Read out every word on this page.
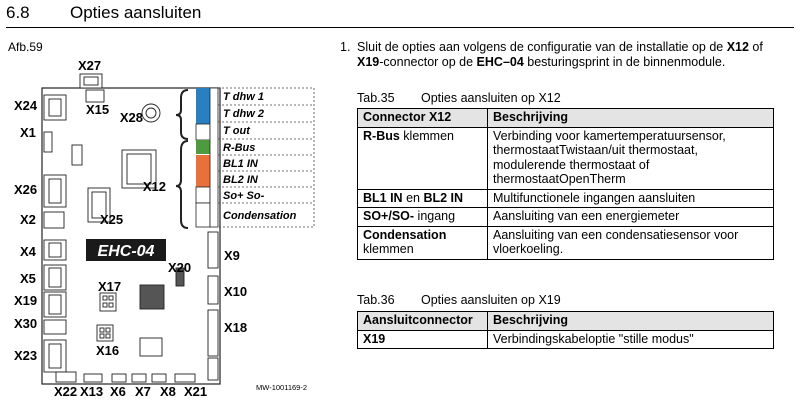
6.8 Opties aansluiten
Afb.59
EHC-04
T dhw 1
T dhw 2
T out
R-Bus
BL1 IN
BL2 IN
So+ So-
Condensation
X27
X15
X24
X1
X28
X26	X12
X2	X25
X4
X5
X19
X30
X23
X20
X17
X16
X9
X10
X18
X22 X13 X6 X7 X8 X21	MW-1001169-2
1. Sluit de opties aan volgens de configuratie van de installatie op de X12 of X19-connector op de EHC–04 besturingsprint in de binnenmodule.
Tab.35 Opties aansluiten op X12
Connector X12	Beschrijving
R-Bus klemmen	Verbinding voor kamertemperatuursensor, thermostaatTwistaan/uit thermostaat, modulerende thermostaat of thermostaatOpenTherm
BL1 IN en BL2 IN	Multifunctionele ingangen aansluiten
SO+/SO- ingang	Aansluiting van een energiemeter
Condensation klemmen	Aansluiting van een condensatiesensor voor vloerkoeling.
Tab.36 Opties aansluiten op X19
Aansluitconnector	Beschrijving
X19	Verbindingskabeloptie "stille modus"
